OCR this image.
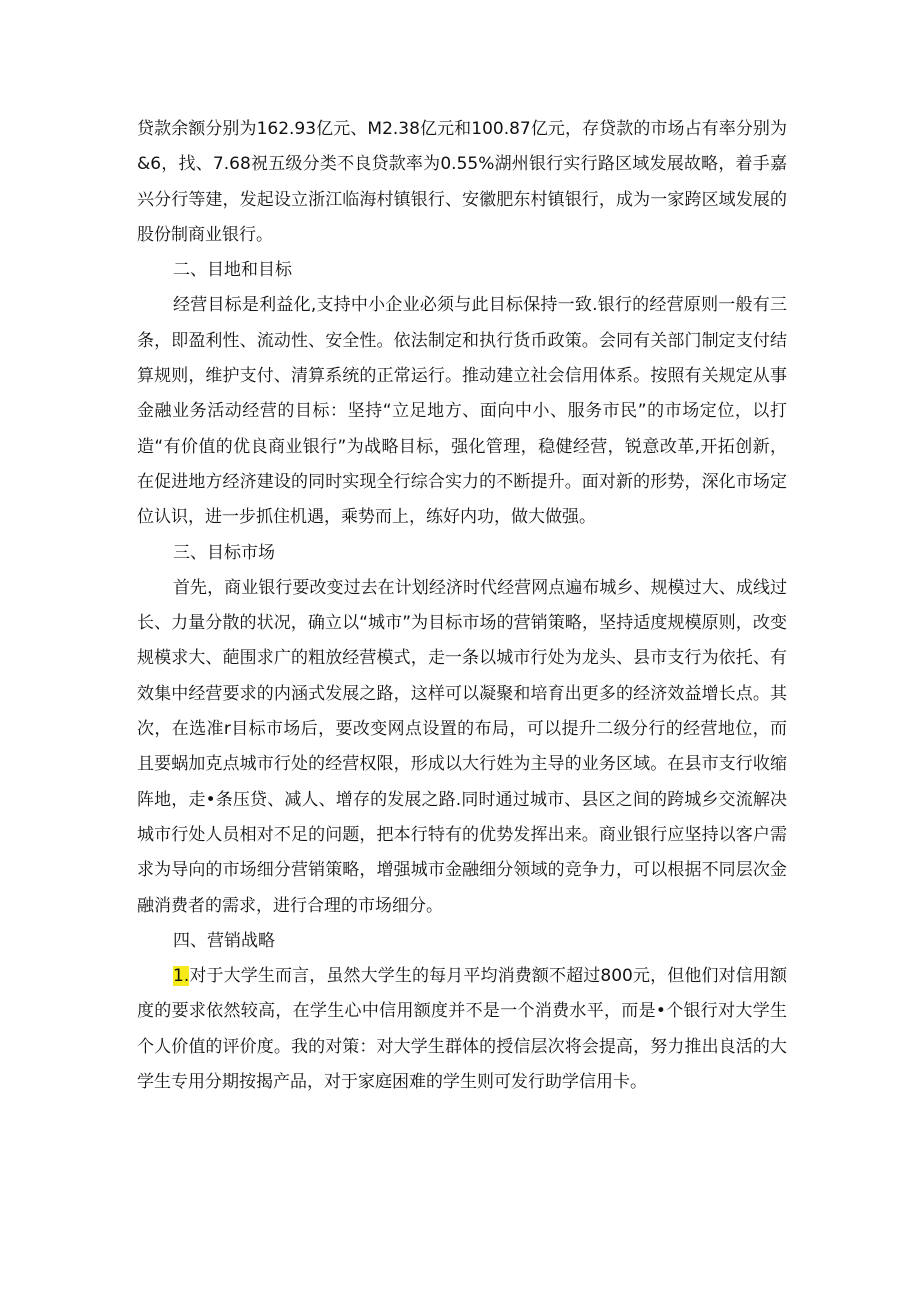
贷款余额分别为162.93亿元、M2.38亿元和100.87亿元，存贷款的市场占有率分别为&6，找、7.68祝五级分类不良贷款率为0.55%湖州银行实行路区域发展故略，着手嘉兴分行等建，发起设立浙江临海村镇银行、安徽肥东村镇银行，成为一家跨区域发展的股份制商业银行。

二、目地和目标

经营目标是利益化,支持中小企业必须与此目标保持一致.银行的经营原则一般有三条，即盈利性、流动性、安全性。依法制定和执行货币政策。会同有关部门制定支付结算规则，维护支付、清算系统的正常运行。推动建立社会信用体系。按照有关规定从事金融业务活动经营的目标：坚持“立足地方、面向中小、服务市民”的市场定位，以打造“有价值的优良商业银行”为战略目标，强化管理，稳健经营，锐意改革,开拓创新，在促进地方经济建设的同时实现全行综合实力的不断提升。面对新的形势，深化市场定位认识，进一步抓住机遇，乘势而上，练好内功，做大做强。

三、目标市场

首先，商业银行要改变过去在计划经济时代经营网点遍布城乡、规模过大、成线过长、力量分散的状况，确立以“城市”为目标市场的营销策略，坚持适度规模原则，改变规模求大、葩围求广的粗放经营模式，走一条以城市行处为龙头、县市支行为依托、有效集中经营要求的内涵式发展之路，这样可以凝聚和培育出更多的经济效益增长点。其次，在选准r目标市场后，要改变网点设置的布局，可以提升二级分行的经营地位，而且要蜗加克点城市行处的经营权限，形成以大行姓为主导的业务区域。在县市支行收缩阵地，走•条压贷、减人、增存的发展之路.同时通过城市、县区之间的跨城乡交流解决城市行处人员相对不足的问题，把本行特有的优势发挥出来。商业银行应坚持以客户需求为导向的市场细分营销策略，增强城市金融细分领域的竞争力，可以根据不同层次金融消费者的需求，进行合理的市场细分。

四、营销战略

1.对于大学生而言，虽然大学生的每月平均消费额不超过800元，但他们对信用额度的要求依然较高，在学生心中信用额度并不是一个消费水平，而是•个银行对大学生个人价值的评价度。我的对策：对大学生群体的授信层次将会提高，努力推出良活的大学生专用分期按揭产品，对于家庭困难的学生则可发行助学信用卡。
